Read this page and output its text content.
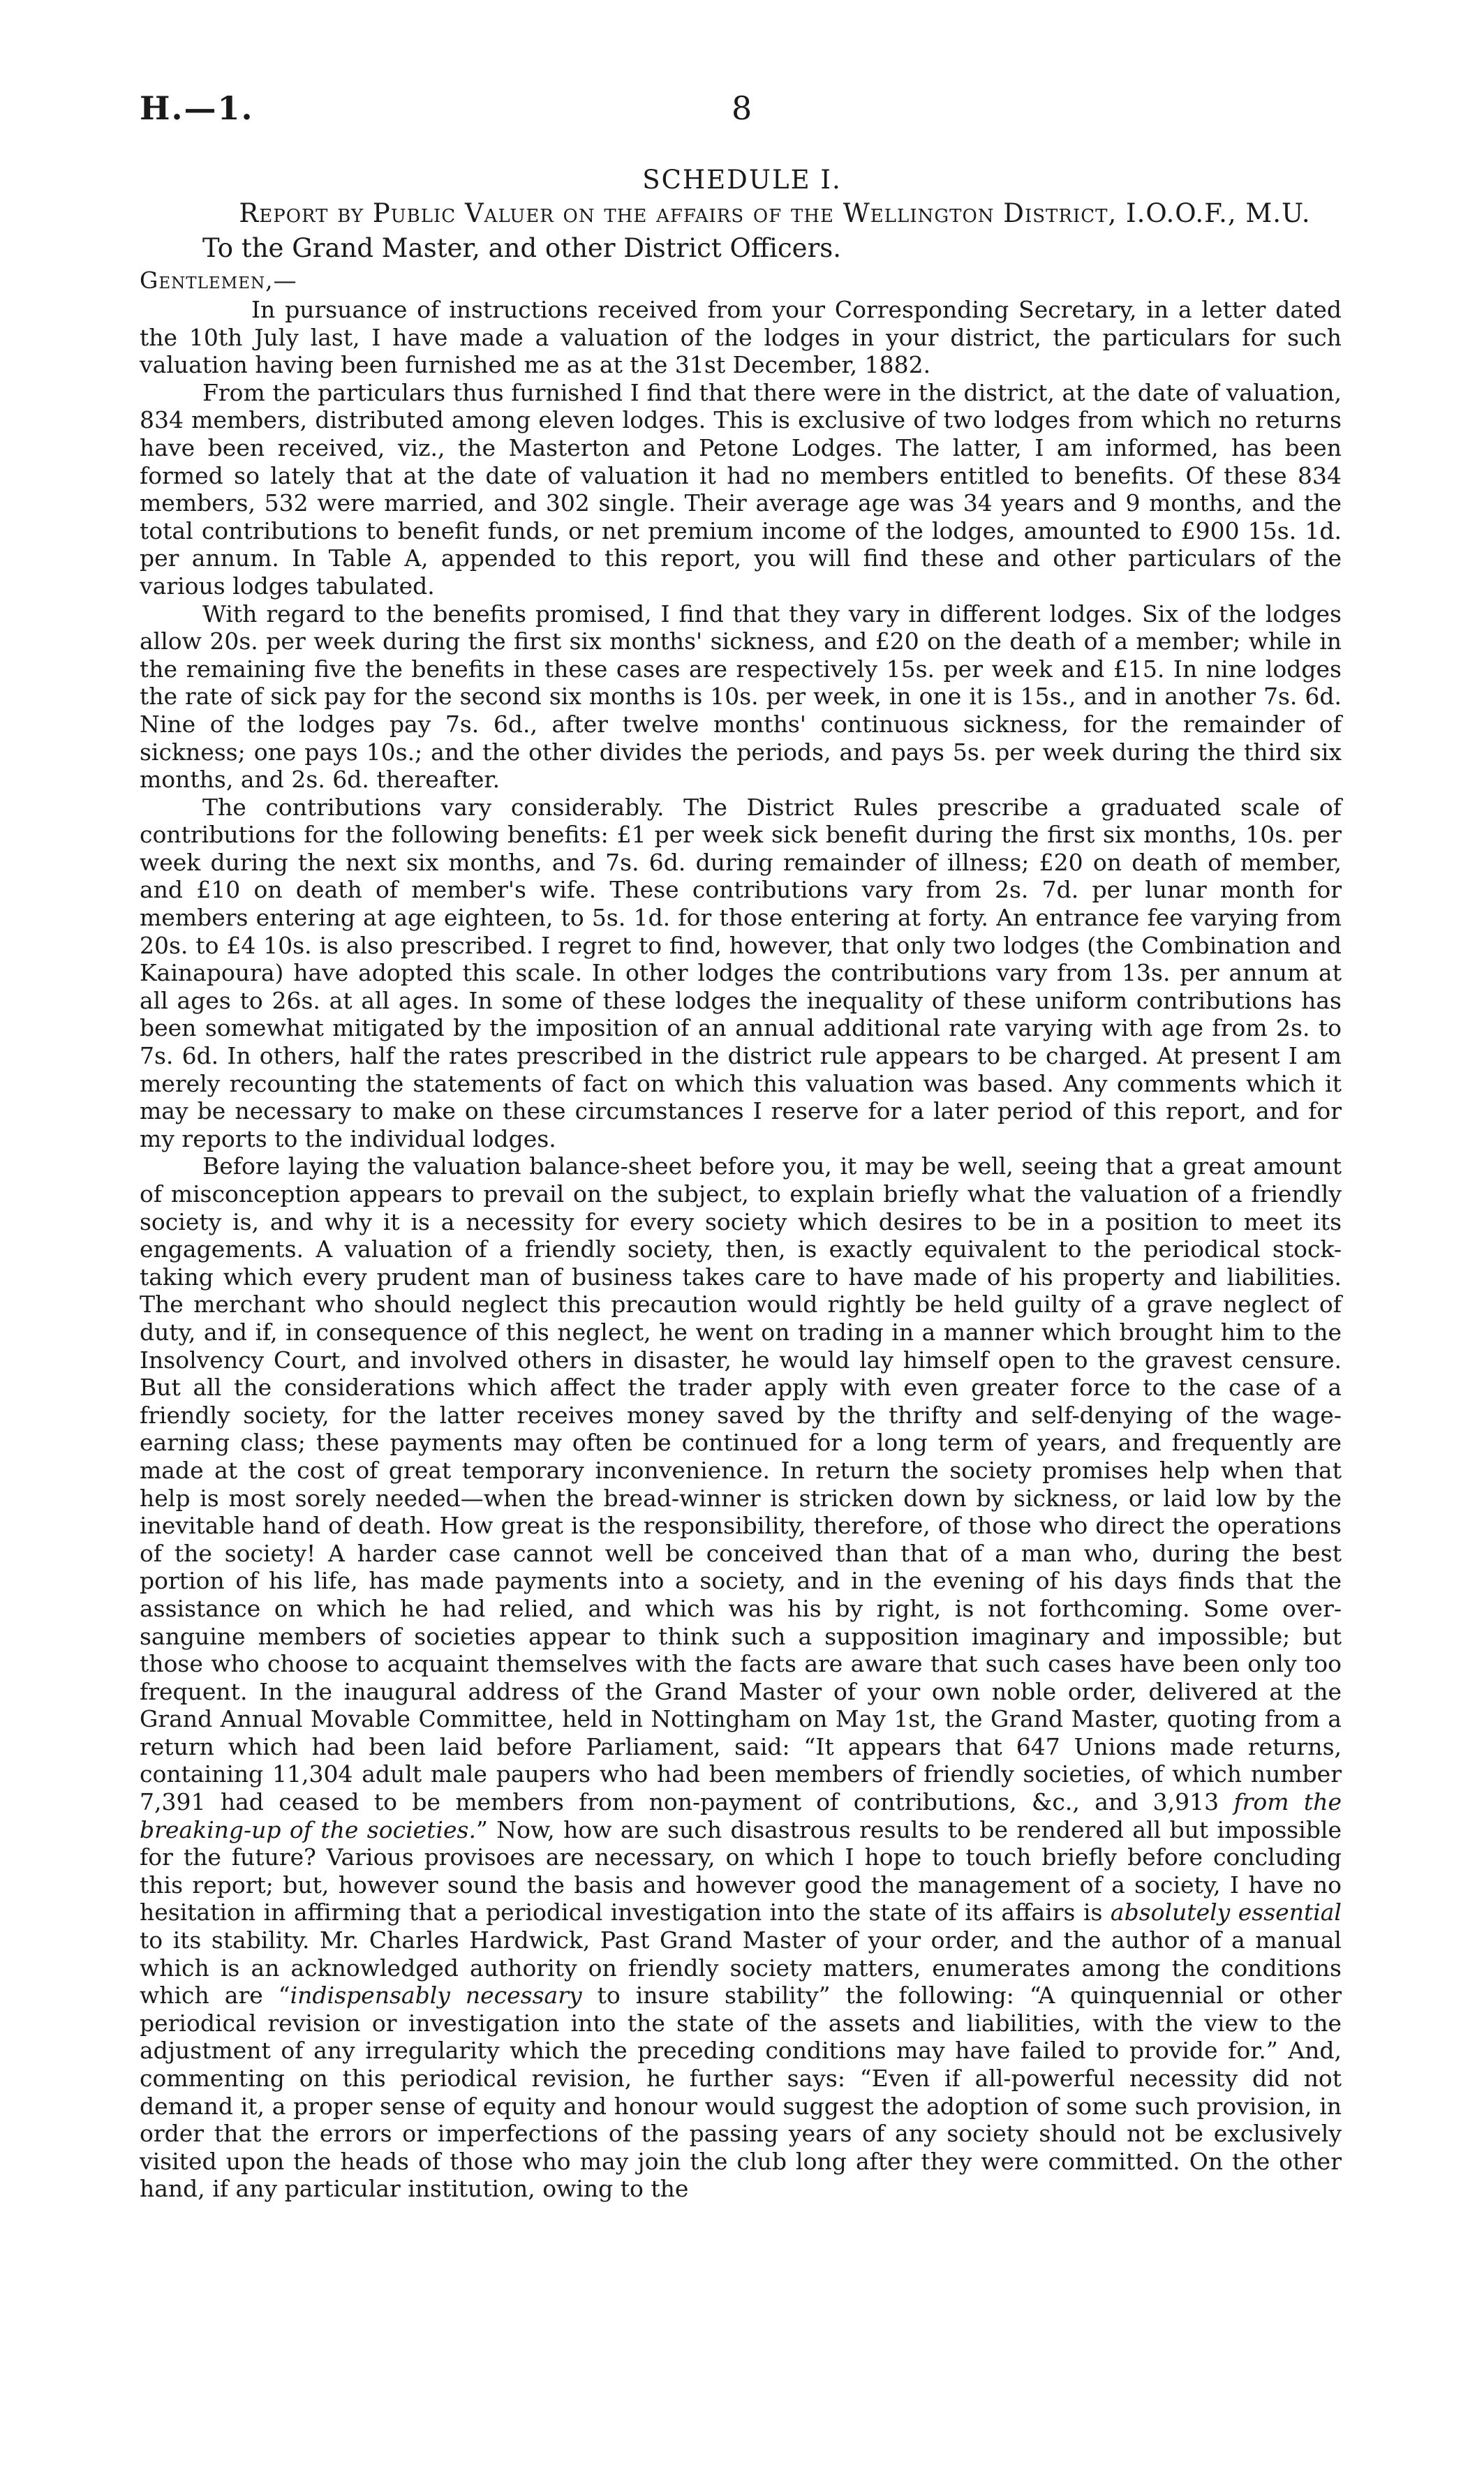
H.—1.	8
SCHEDULE I.
Report by Public Valuer on the affairs of the Wellington District, I.O.O.F., M.U.
To the Grand Master, and other District Officers.
Gentlemen,—

In pursuance of instructions received from your Corresponding Secretary, in a letter dated the 10th July last, I have made a valuation of the lodges in your district, the particulars for such valuation having been furnished me as at the 31st December, 1882.

From the particulars thus furnished I find that there were in the district, at the date of valuation, 834 members, distributed among eleven lodges. This is exclusive of two lodges from which no returns have been received, viz., the Masterton and Petone Lodges. The latter, I am informed, has been formed so lately that at the date of valuation it had no members entitled to benefits. Of these 834 members, 532 were married, and 302 single. Their average age was 34 years and 9 months, and the total contributions to benefit funds, or net premium income of the lodges, amounted to £900 15s. 1d. per annum. In Table A, appended to this report, you will find these and other particulars of the various lodges tabulated.

With regard to the benefits promised, I find that they vary in different lodges. Six of the lodges allow 20s. per week during the first six months' sickness, and £20 on the death of a member; while in the remaining five the benefits in these cases are respectively 15s. per week and £15. In nine lodges the rate of sick pay for the second six months is 10s. per week, in one it is 15s., and in another 7s. 6d. Nine of the lodges pay 7s. 6d., after twelve months' continuous sickness, for the remainder of sickness; one pays 10s.; and the other divides the periods, and pays 5s. per week during the third six months, and 2s. 6d. thereafter.

The contributions vary considerably. The District Rules prescribe a graduated scale of contributions for the following benefits: £1 per week sick benefit during the first six months, 10s. per week during the next six months, and 7s. 6d. during remainder of illness; £20 on death of member, and £10 on death of member's wife. These contributions vary from 2s. 7d. per lunar month for members entering at age eighteen, to 5s. 1d. for those entering at forty. An entrance fee varying from 20s. to £4 10s. is also prescribed. I regret to find, however, that only two lodges (the Combination and Kainapoura) have adopted this scale. In other lodges the contributions vary from 13s. per annum at all ages to 26s. at all ages. In some of these lodges the inequality of these uniform contributions has been somewhat mitigated by the imposition of an annual additional rate varying with age from 2s. to 7s. 6d. In others, half the rates prescribed in the district rule appears to be charged. At present I am merely recounting the statements of fact on which this valuation was based. Any comments which it may be necessary to make on these circumstances I reserve for a later period of this report, and for my reports to the individual lodges.

Before laying the valuation balance-sheet before you, it may be well, seeing that a great amount of misconception appears to prevail on the subject, to explain briefly what the valuation of a friendly society is, and why it is a necessity for every society which desires to be in a position to meet its engagements. A valuation of a friendly society, then, is exactly equivalent to the periodical stock-taking which every prudent man of business takes care to have made of his property and liabilities. The merchant who should neglect this precaution would rightly be held guilty of a grave neglect of duty, and if, in consequence of this neglect, he went on trading in a manner which brought him to the Insolvency Court, and involved others in disaster, he would lay himself open to the gravest censure. But all the considerations which affect the trader apply with even greater force to the case of a friendly society, for the latter receives money saved by the thrifty and self-denying of the wage-earning class; these payments may often be continued for a long term of years, and frequently are made at the cost of great temporary inconvenience. In return the society promises help when that help is most sorely needed—when the bread-winner is stricken down by sickness, or laid low by the inevitable hand of death. How great is the responsibility, therefore, of those who direct the operations of the society! A harder case cannot well be conceived than that of a man who, during the best portion of his life, has made payments into a society, and in the evening of his days finds that the assistance on which he had relied, and which was his by right, is not forthcoming. Some over-sanguine members of societies appear to think such a supposition imaginary and impossible; but those who choose to acquaint themselves with the facts are aware that such cases have been only too frequent. In the inaugural address of the Grand Master of your own noble order, delivered at the Grand Annual Movable Committee, held in Nottingham on May 1st, the Grand Master, quoting from a return which had been laid before Parliament, said: “It appears that 647 Unions made returns, containing 11,304 adult male paupers who had been members of friendly societies, of which number 7,391 had ceased to be members from non-payment of contributions, &c., and 3,913 from the breaking-up of the societies.” Now, how are such disastrous results to be rendered all but impossible for the future? Various provisoes are necessary, on which I hope to touch briefly before concluding this report; but, however sound the basis and however good the management of a society, I have no hesitation in affirming that a periodical investigation into the state of its affairs is absolutely essential to its stability. Mr. Charles Hardwick, Past Grand Master of your order, and the author of a manual which is an acknowledged authority on friendly society matters, enumerates among the conditions which are “indispensably necessary to insure stability” the following: “A quinquennial or other periodical revision or investigation into the state of the assets and liabilities, with the view to the adjustment of any irregularity which the preceding conditions may have failed to provide for.” And, commenting on this periodical revision, he further says: “Even if all-powerful necessity did not demand it, a proper sense of equity and honour would suggest the adoption of some such provision, in order that the errors or imperfections of the passing years of any society should not be exclusively visited upon the heads of those who may join the club long after they were committed. On the other hand, if any particular institution, owing to the
